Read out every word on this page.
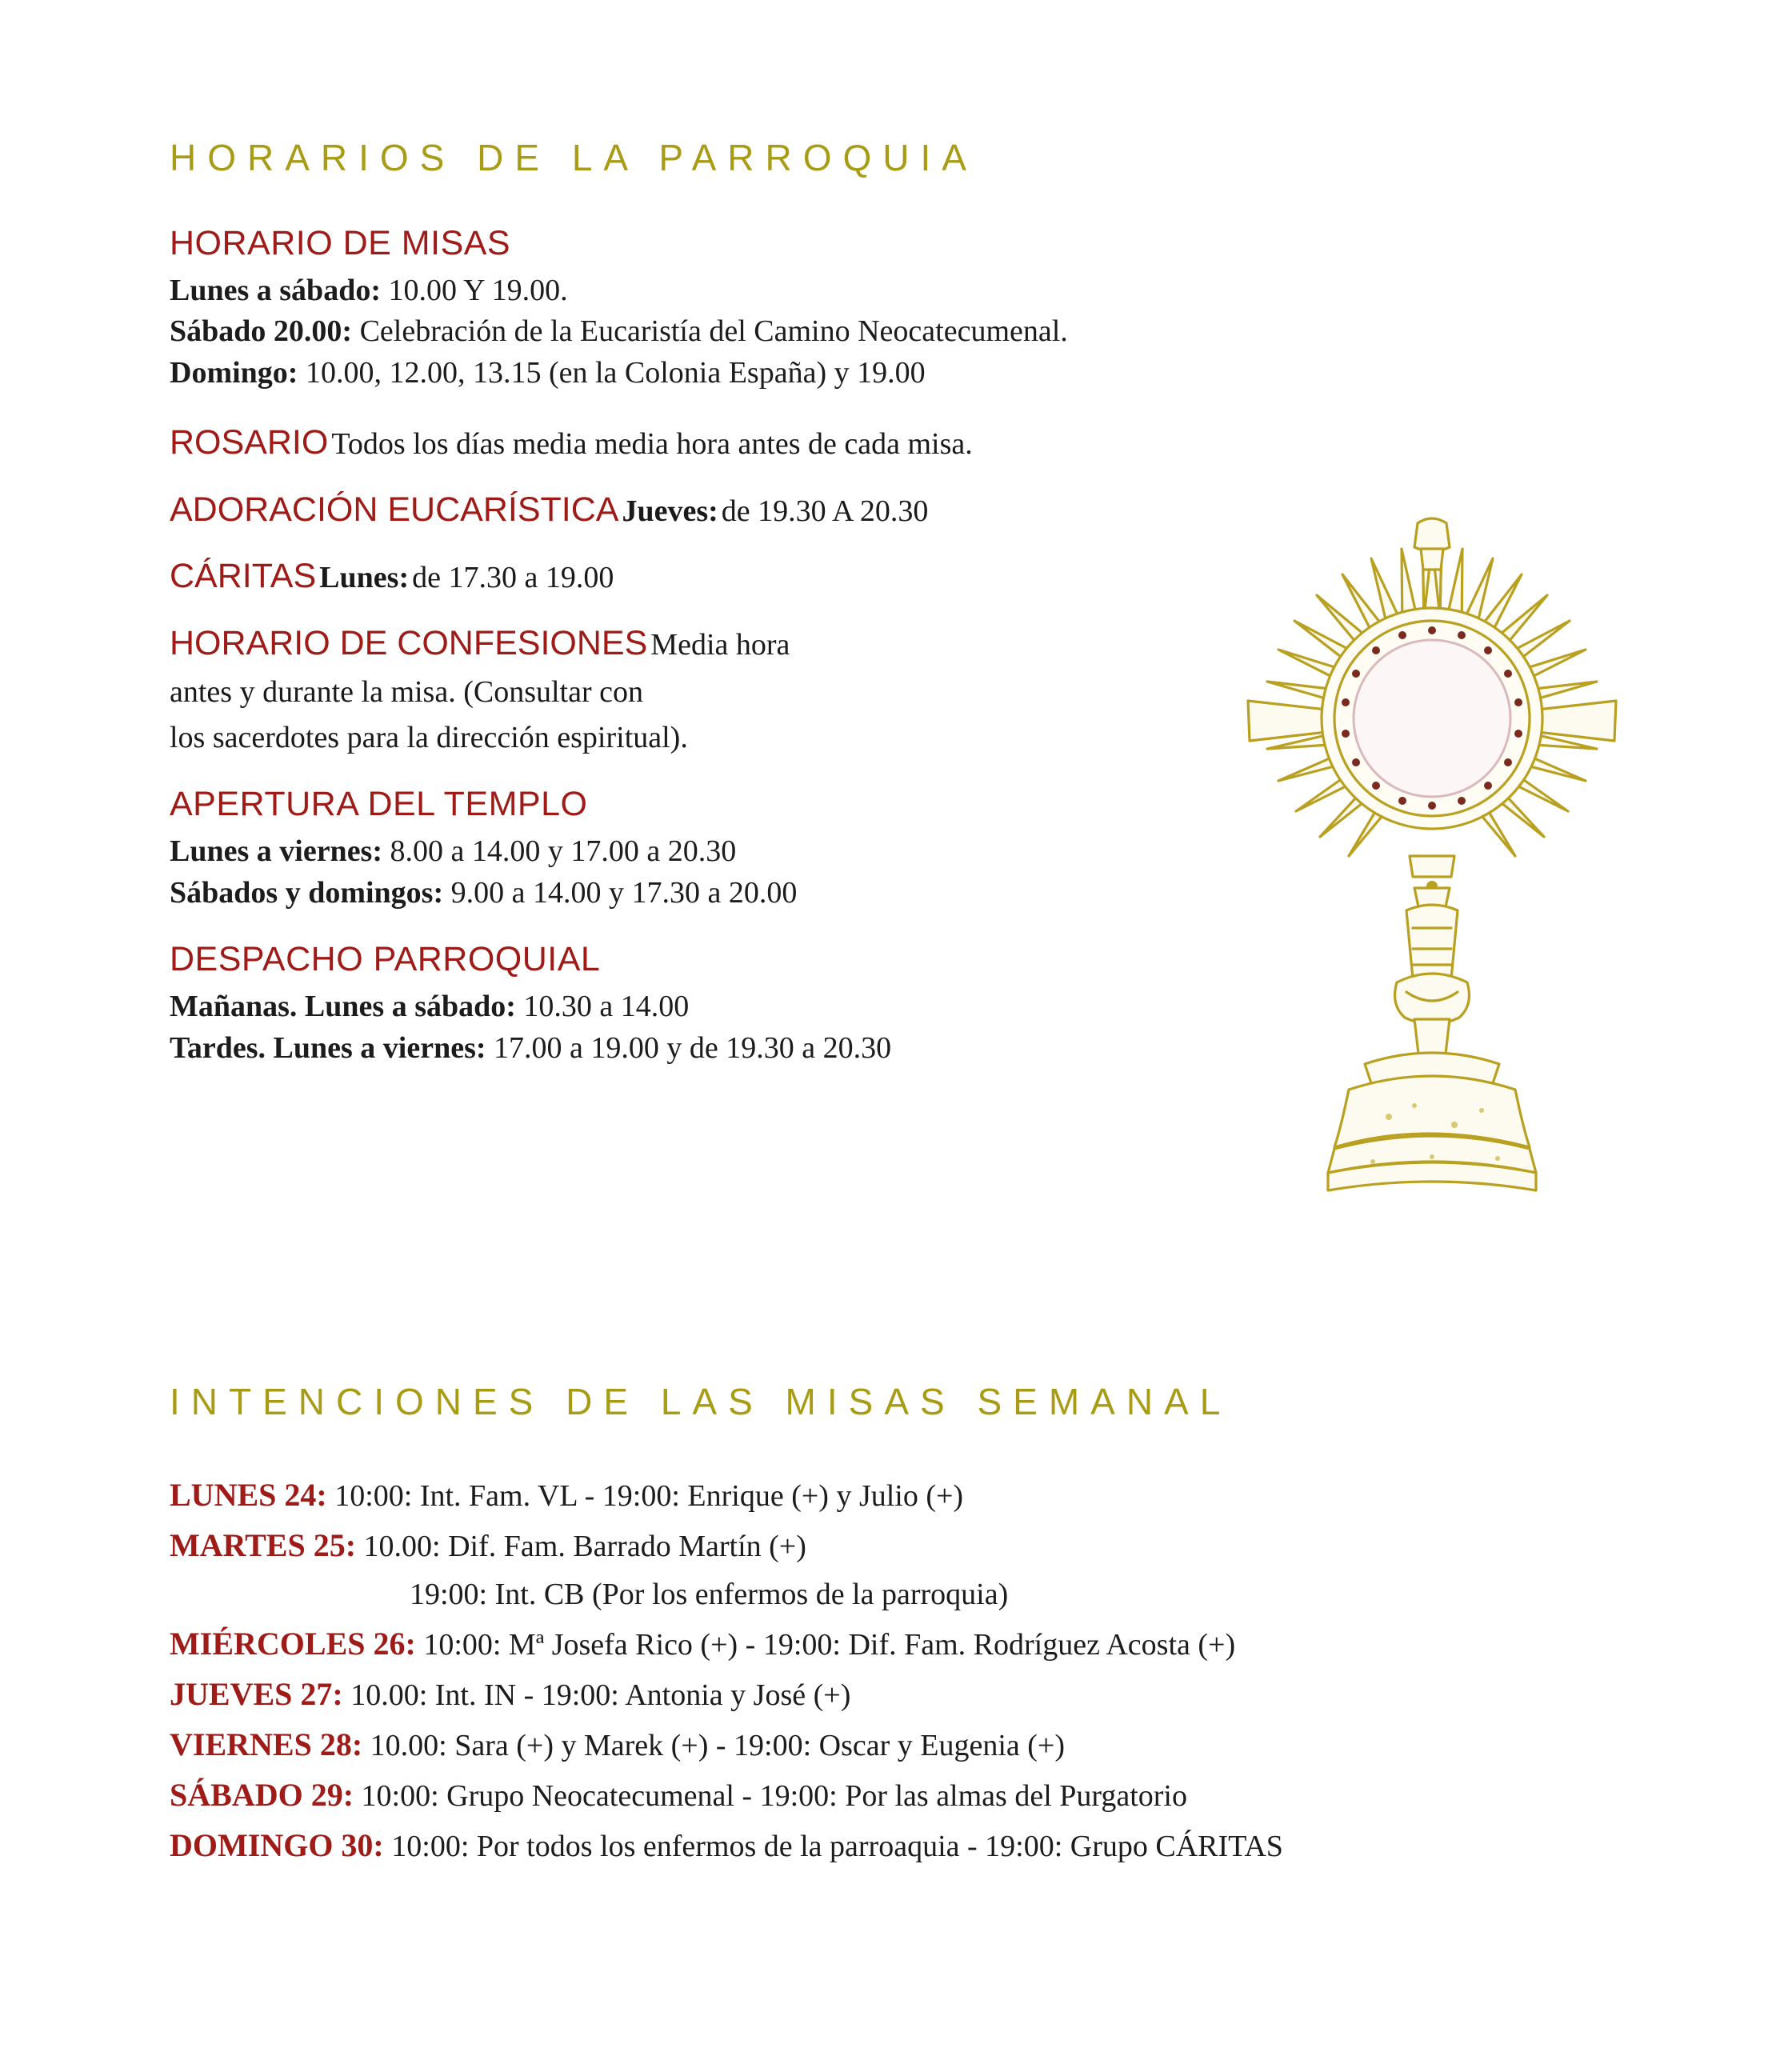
HORARIOS DE LA PARROQUIA
HORARIO DE MISAS

Lunes a sábado: 10.00 Y 19.00.

Sábado 20.00: Celebración de la Eucaristía del Camino Neocatecumenal.

Domingo: 10.00, 12.00, 13.15 (en la Colonia España) y 19.00

ROSARIO Todos los días media media hora antes de cada misa.

ADORACIÓN EUCARÍSTICA Jueves: de 19.30 A 20.30

CÁRITAS Lunes: de 17.30 a 19.00

HORARIO DE CONFESIONES Media hora

antes y durante la misa. (Consultar con

los sacerdotes para la dirección espiritual).

APERTURA DEL TEMPLO

Lunes a viernes: 8.00 a 14.00 y 17.00 a 20.30

Sábados y domingos: 9.00 a 14.00 y 17.30 a 20.00

DESPACHO PARROQUIAL

Mañanas. Lunes a sábado: 10.30 a 14.00

Tardes. Lunes a viernes: 17.00 a 19.00 y de 19.30 a 20.30

INTENCIONES DE LAS MISAS SEMANAL

LUNES 24: 10:00: Int. Fam. VL - 19:00: Enrique (+) y Julio (+)

MARTES 25: 10.00: Dif. Fam. Barrado Martín (+)

19:00: Int. CB (Por los enfermos de la parroquia)

MIÉRCOLES 26: 10:00: Mª Josefa Rico (+) - 19:00: Dif. Fam. Rodríguez Acosta (+)

JUEVES 27: 10.00: Int. IN - 19:00: Antonia y José (+)

VIERNES 28: 10.00: Sara (+) y Marek (+) - 19:00: Oscar y Eugenia (+)

SÁBADO 29: 10:00: Grupo Neocatecumenal - 19:00: Por las almas del Purgatorio

DOMINGO 30: 10:00: Por todos los enfermos de la parroaquia - 19:00: Grupo CÁRITAS
